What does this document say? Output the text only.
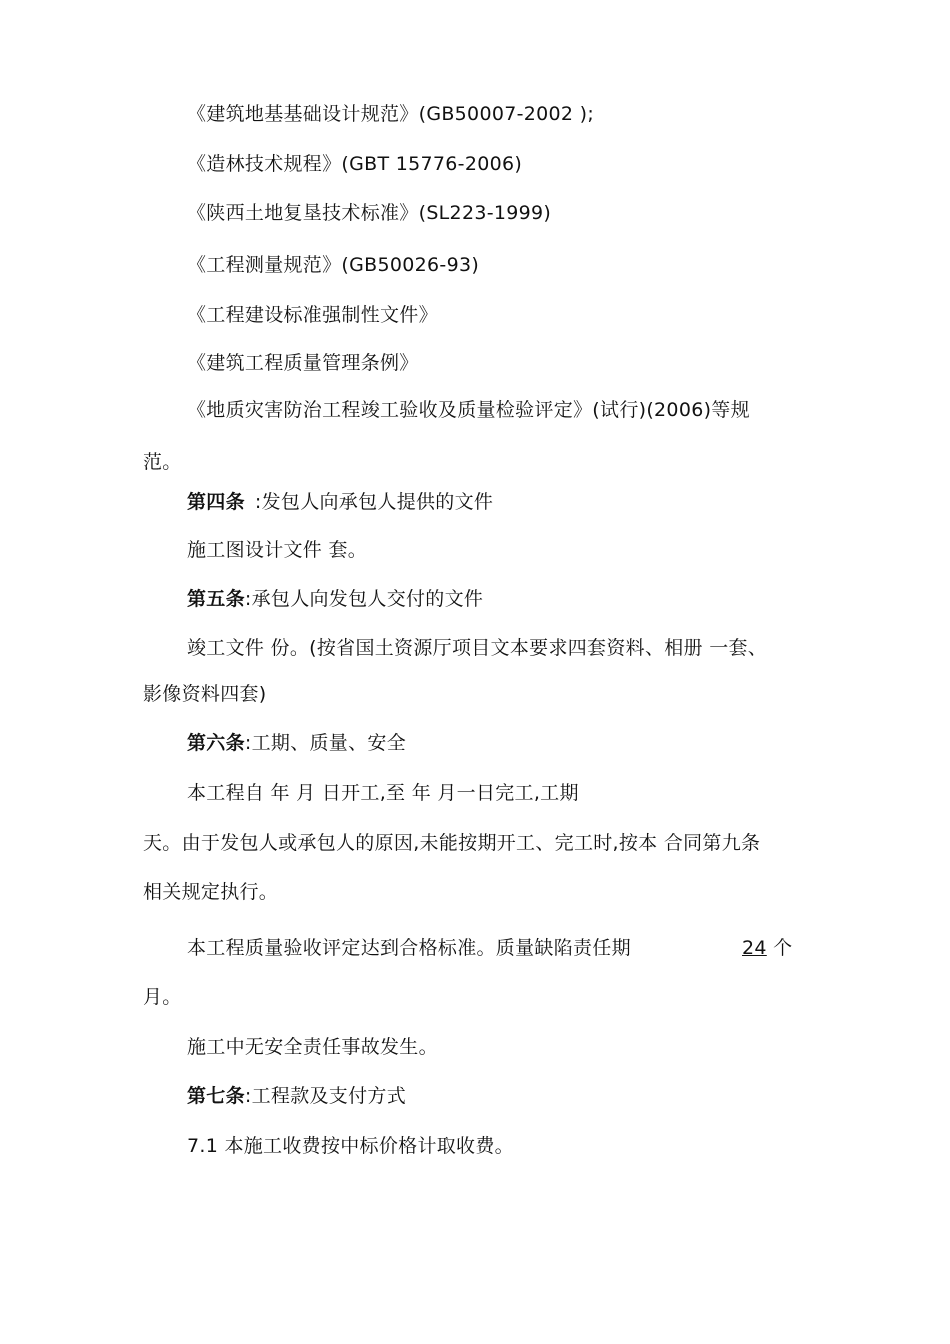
《建筑地基基础设计规范》(GB50007-2002 );
《造林技术规程》(GBT 15776-2006)
《陕西土地复垦技术标准》(SL223-1999)
《工程测量规范》(GB50026-93)
《工程建设标准强制性文件》
《建筑工程质量管理条例》
《地质灾害防治工程竣工验收及质量检验评定》(试行)(2006)等规
范。
第四条 :发包人向承包人提供的文件
施工图设计文件 套。
第五条:承包人向发包人交付的文件
竣工文件 份。(按省国土资源厅项目文本要求四套资料、相册 一套、
影像资料四套)
第六条:工期、质量、安全
本工程自 年 月 日开工,至 年 月一日完工,工期
天。由于发包人或承包人的原因,未能按期开工、完工时,按本 合同第九条
相关规定执行。
本工程质量验收评定达到合格标准。质量缺陷责任期	24 个
月。
施工中无安全责任事故发生。
第七条:工程款及支付方式
7.1 本施工收费按中标价格计取收费。
